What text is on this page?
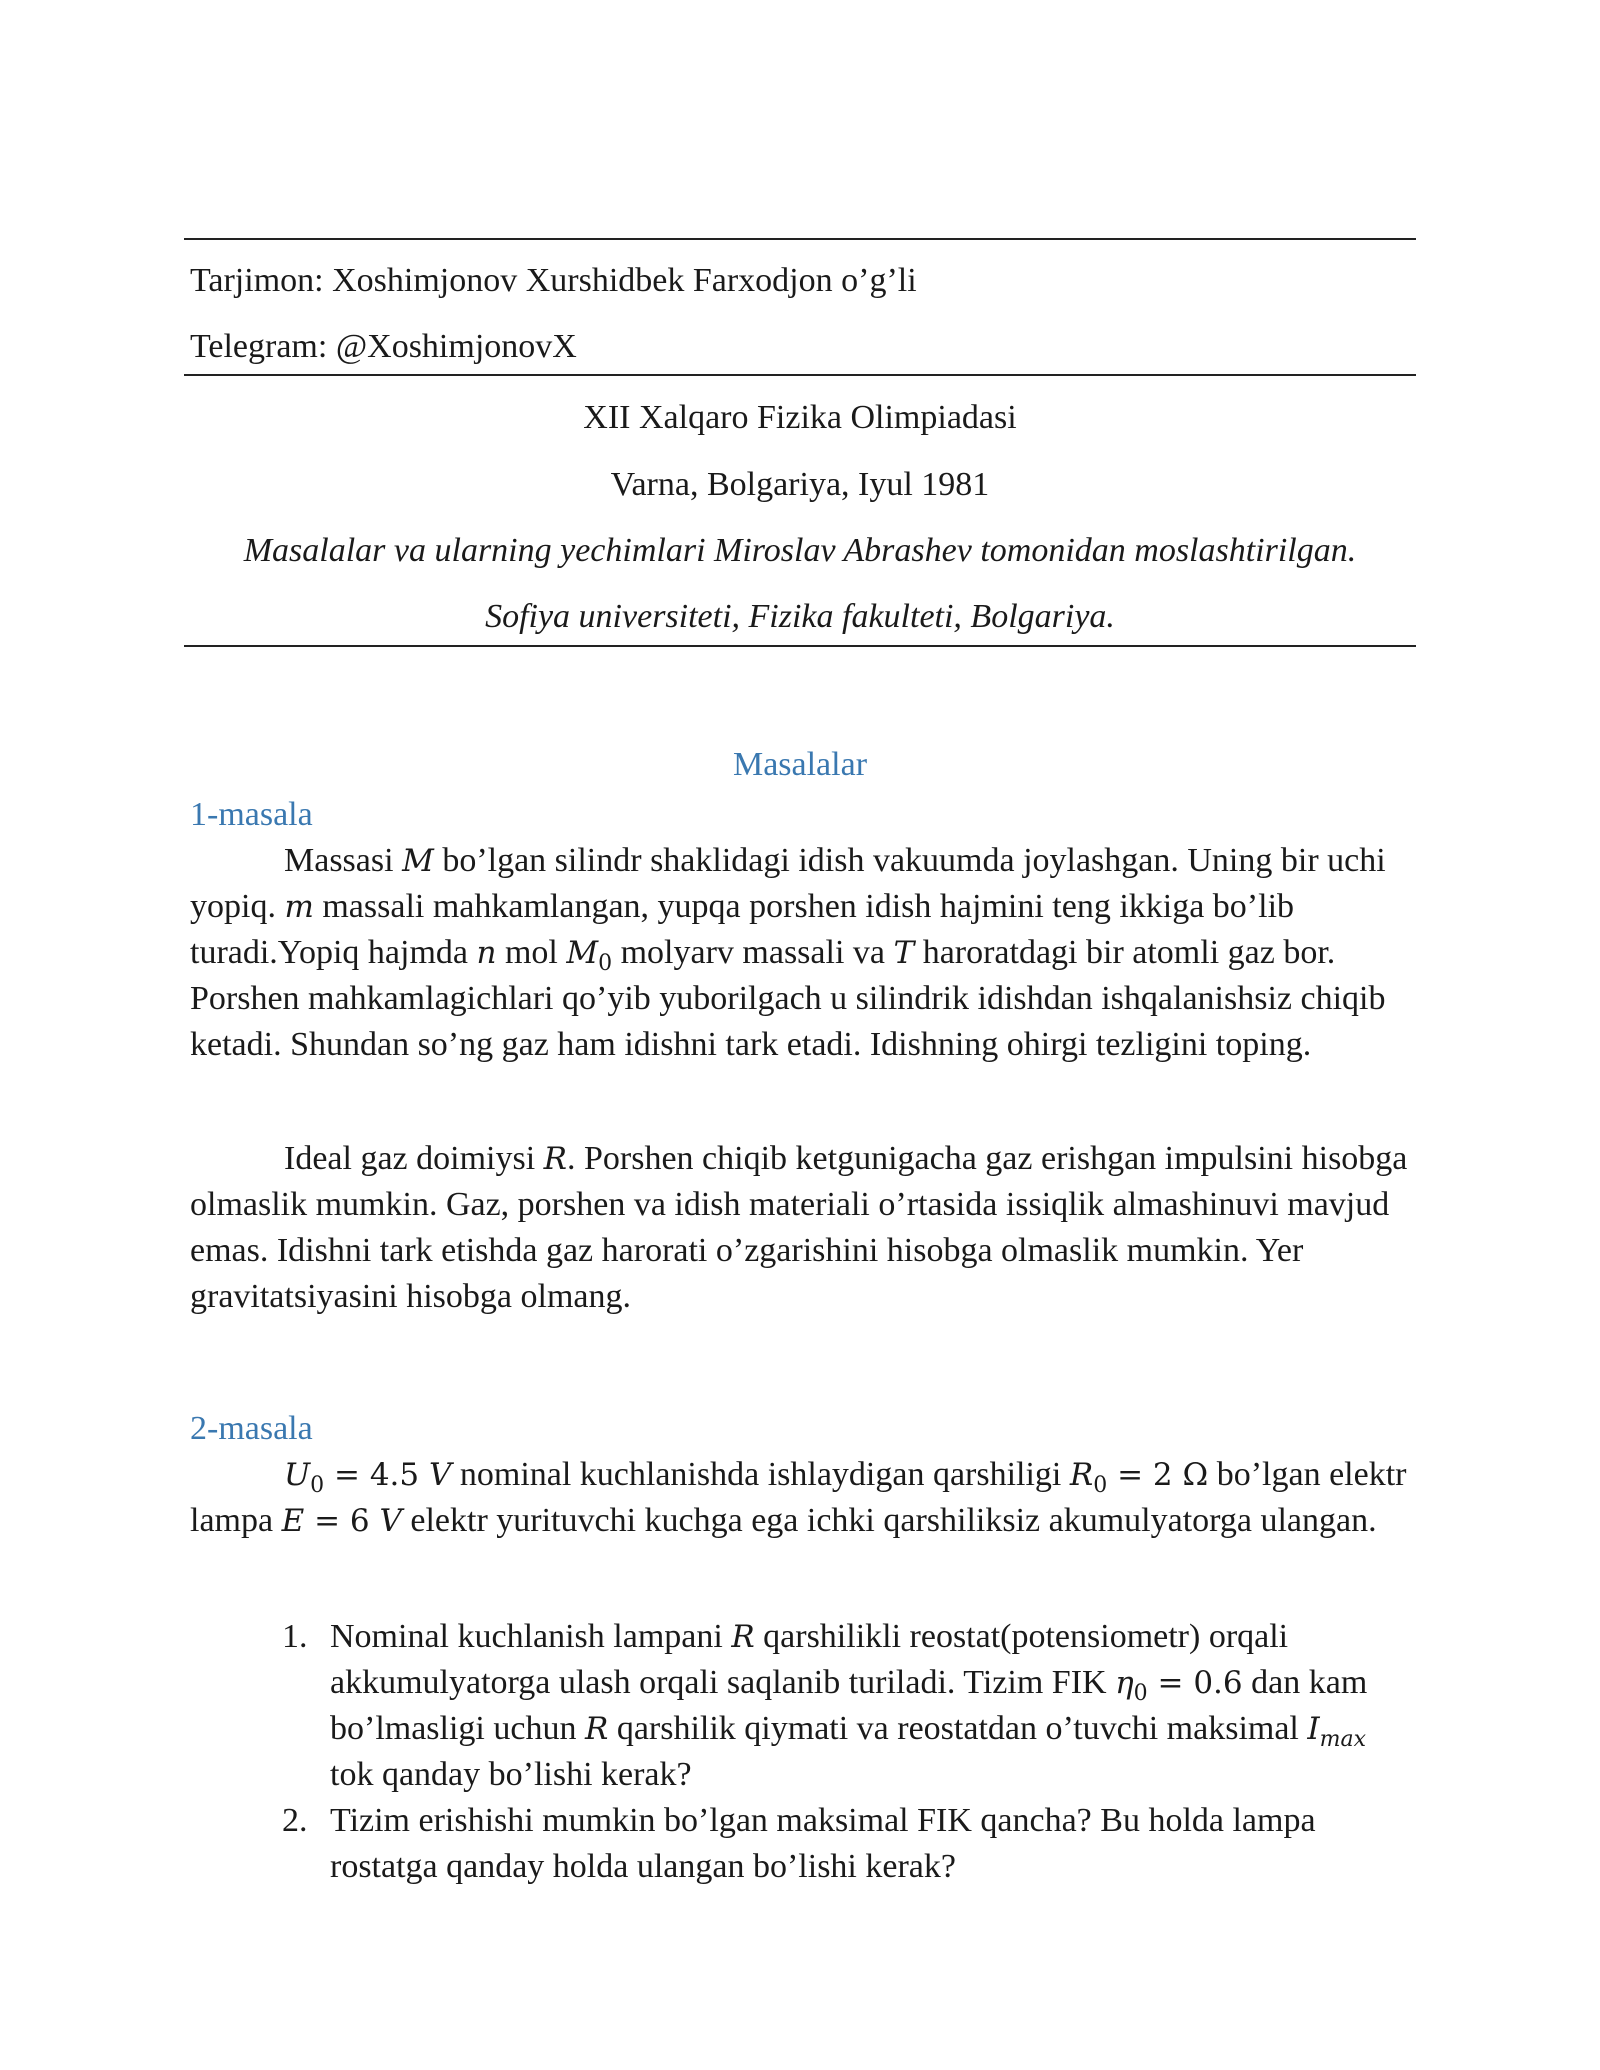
Tarjimon: Xoshimjonov Xurshidbek Farxodjon o’g’li
Telegram: @XoshimjonovX
XII Xalqaro Fizika Olimpiadasi
Varna, Bolgariya, Iyul 1981
Masalalar va ularning yechimlari Miroslav Abrashev tomonidan moslashtirilgan.
Sofiya universiteti, Fizika fakulteti, Bolgariya.
Masalalar
1-masala

Massasi M bo’lgan silindr shaklidagi idish vakuumda joylashgan. Uning bir uchi yopiq. m massali mahkamlangan, yupqa porshen idish hajmini teng ikkiga bo’lib turadi.Yopiq hajmda n mol $M_0$ molyarv massali va T haroratdagi bir atomli gaz bor. Porshen mahkamlagichlari qo’yib yuborilgach u silindrik idishdan ishqalanishsiz chiqib ketadi. Shundan so’ng gaz ham idishni tark etadi. Idishning ohirgi tezligini toping.

Ideal gaz doimiysi R. Porshen chiqib ketgunigacha gaz erishgan impulsini hisobga olmaslik mumkin. Gaz, porshen va idish materiali o’rtasida issiqlik almashinuvi mavjud emas. Idishni tark etishda gaz harorati o’zgarishini hisobga olmaslik mumkin. Yer gravitatsiyasini hisobga olmang.

2-masala

$U_0 = 4.5$ V nominal kuchlanishda ishlaydigan qarshiligi $R_0 = 2$ Ω bo’lgan elektr lampa E = 6 V elektr yurituvchi kuchga ega ichki qarshiliksiz akumulyatorga ulangan.

1. Nominal kuchlanish lampani R qarshilikli reostat(potensiometr) orqali akkumulyatorga ulash orqali saqlanib turiladi. Tizim FIK $\eta_0 = 0.6$ dan kam bo’lmasligi uchun R qarshilik qiymati va reostatdan o’tuvchi maksimal $I_{max}$ tok qanday bo’lishi kerak?
2. Tizim erishishi mumkin bo’lgan maksimal FIK qancha? Bu holda lampa rostatga qanday holda ulangan bo’lishi kerak?
